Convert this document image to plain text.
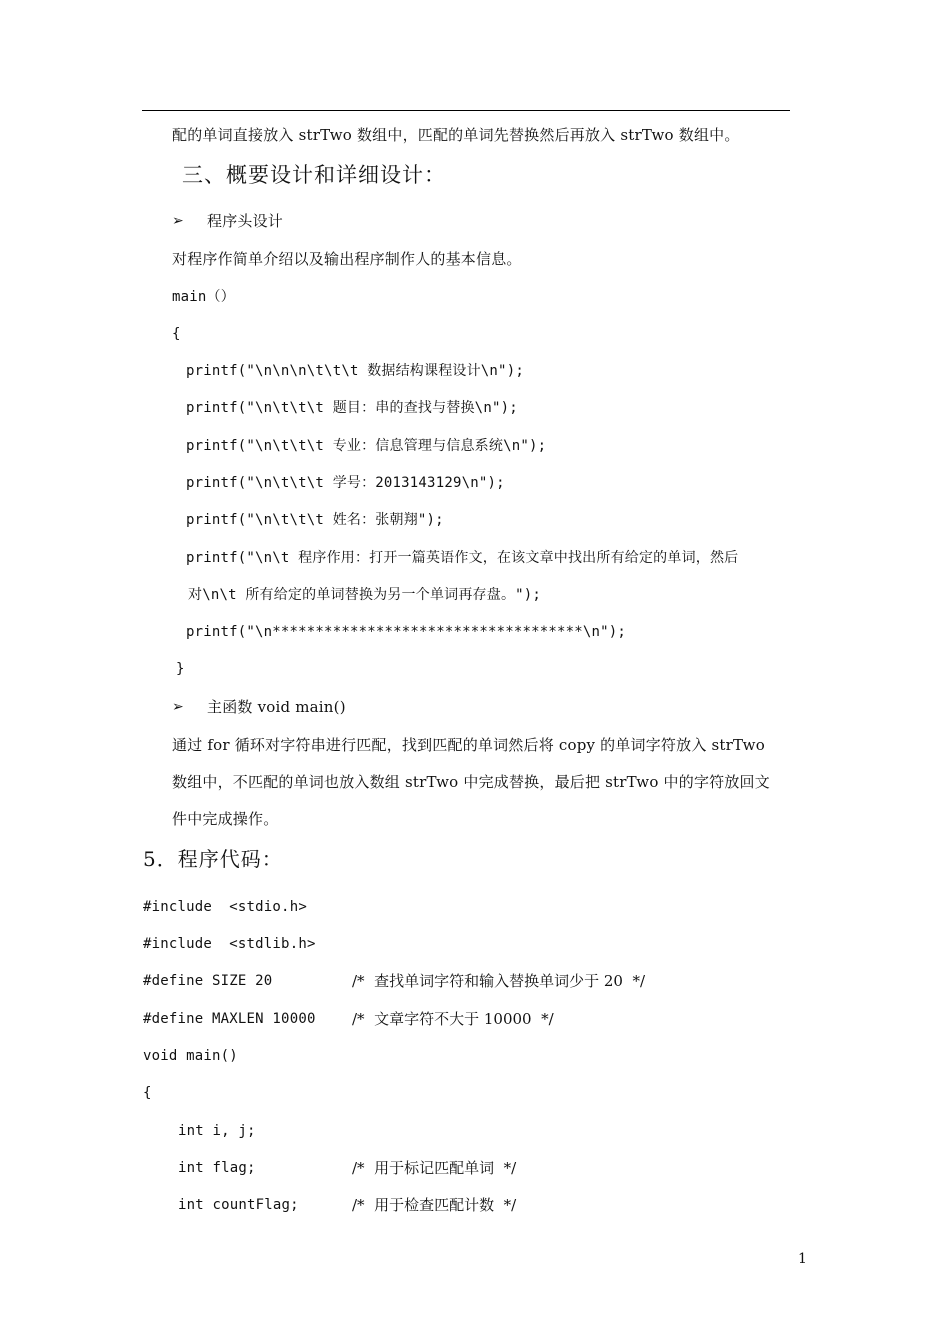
配的单词直接放入 strTwo 数组中，匹配的单词先替换然后再放入 strTwo 数组中。
三、概要设计和详细设计：
➢ 程序头设计
对程序作简单介绍以及输出程序制作人的基本信息。
main（）
{
printf("\n\n\n\t\t\t 数据结构课程设计\n");
printf("\n\t\t\t 题目：串的查找与替换\n");
printf("\n\t\t\t 专业：信息管理与信息系统\n");
printf("\n\t\t\t 学号：2013143129\n");
printf("\n\t\t\t 姓名：张朝翔");
printf("\n\t 程序作用：打开一篇英语作文，在该文章中找出所有给定的单词，然后
对\n\t 所有给定的单词替换为另一个单词再存盘。");
printf("\n************************************\n");
}
➢ 主函数 void main()
通过 for 循环对字符串进行匹配，找到匹配的单词然后将 copy 的单词字符放入 strTwo
数组中，不匹配的单词也放入数组 strTwo 中完成替换，最后把 strTwo 中的字符放回文
件中完成操作。
5．程序代码：
#include  <stdio.h>
#include  <stdlib.h>
#define SIZE 20	/*  查找单词字符和输入替换单词少于 20  */
#define MAXLEN 10000 /*  文章字符不大于 10000  */
void main()
{
int i, j;
int flag;	/*  用于标记匹配单词  */
int countFlag;	/*  用于检查匹配计数  */
1
